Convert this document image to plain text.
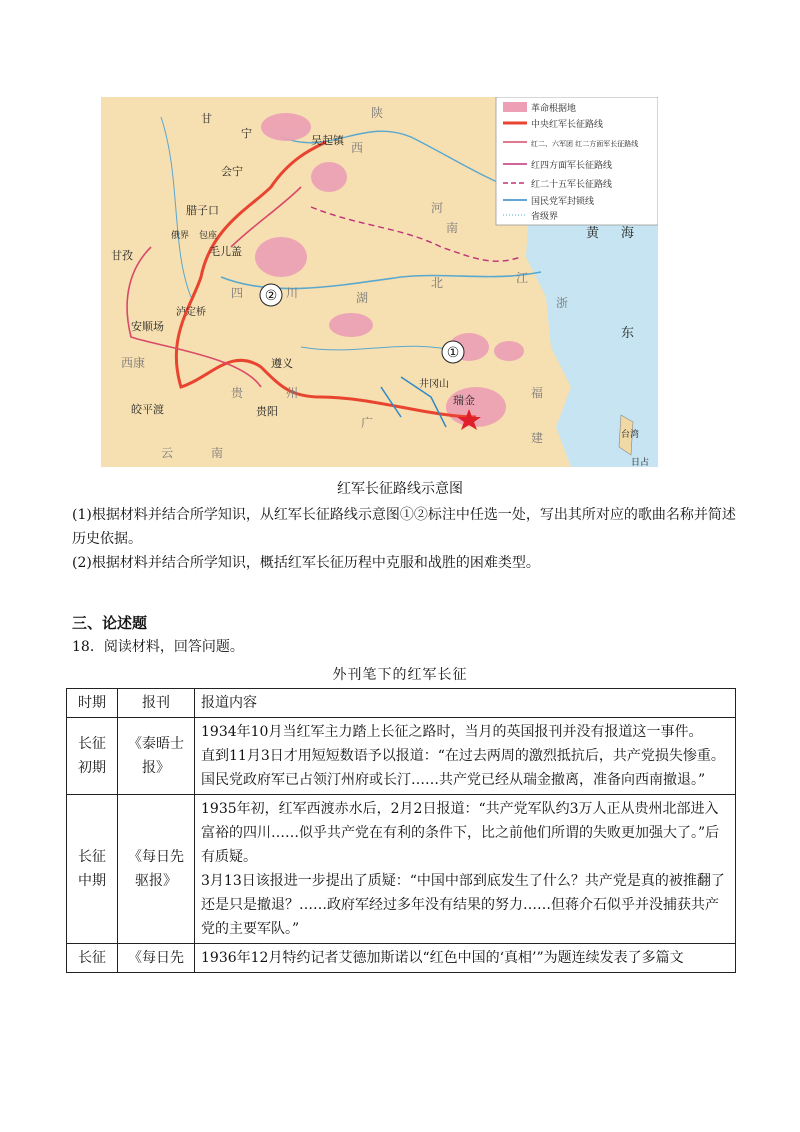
革命根据地
中央红军长征路线
红二、六军团 红二方面军长征路线
红四方面军长征路线
红二十五军长征路线
国民党军封锁线
省级界
甘
宁
吴起镇
会宁
腊子口
俄界 包座
毛儿盖
甘孜
泸定桥
安顺场
皎平渡
遵义
贵阳
井冈山
瑞金
黄 海
东
台湾
日占
陕
西
河
南
北
四	川	湖
西康
贵	州
云	南
广
江
福
建
浙
①
②
红军长征路线示意图
(1)根据材料并结合所学知识，从红军长征路线示意图①②标注中任选一处，写出其所对应的歌曲名称并简述历史依据。
(2)根据材料并结合所学知识，概括红军长征历程中克服和战胜的困难类型。
三、论述题
18．阅读材料，回答问题。
外刊笔下的红军长征
时期	报刊	报道内容
长征初期	《泰晤士报》	1934年10月当红军主力踏上长征之路时，当月的英国报刊并没有报道这一事件。
直到11月3日才用短短数语予以报道：“在过去两周的激烈抵抗后，共产党损失惨重。国民党政府军已占领汀州府或长汀……共产党已经从瑞金撤离，准备向西南撤退。”

长征中期	《每日先驱报》	1935年初，红军西渡赤水后，2月2日报道：“共产党军队约3万人正从贵州北部进入富裕的四川……似乎共产党在有利的条件下，比之前他们所谓的失败更加强大了。”后有质疑。
3月13日该报进一步提出了质疑：“中国中部到底发生了什么？共产党是真的被推翻了还是只是撤退？……政府军经过多年没有结果的努力……但蒋介石似乎并没捕获共产党的主要军队。”

长征	《每日先	1936年12月特约记者艾德加斯诺以“红色中国的‘真相’”为题连续发表了多篇文
